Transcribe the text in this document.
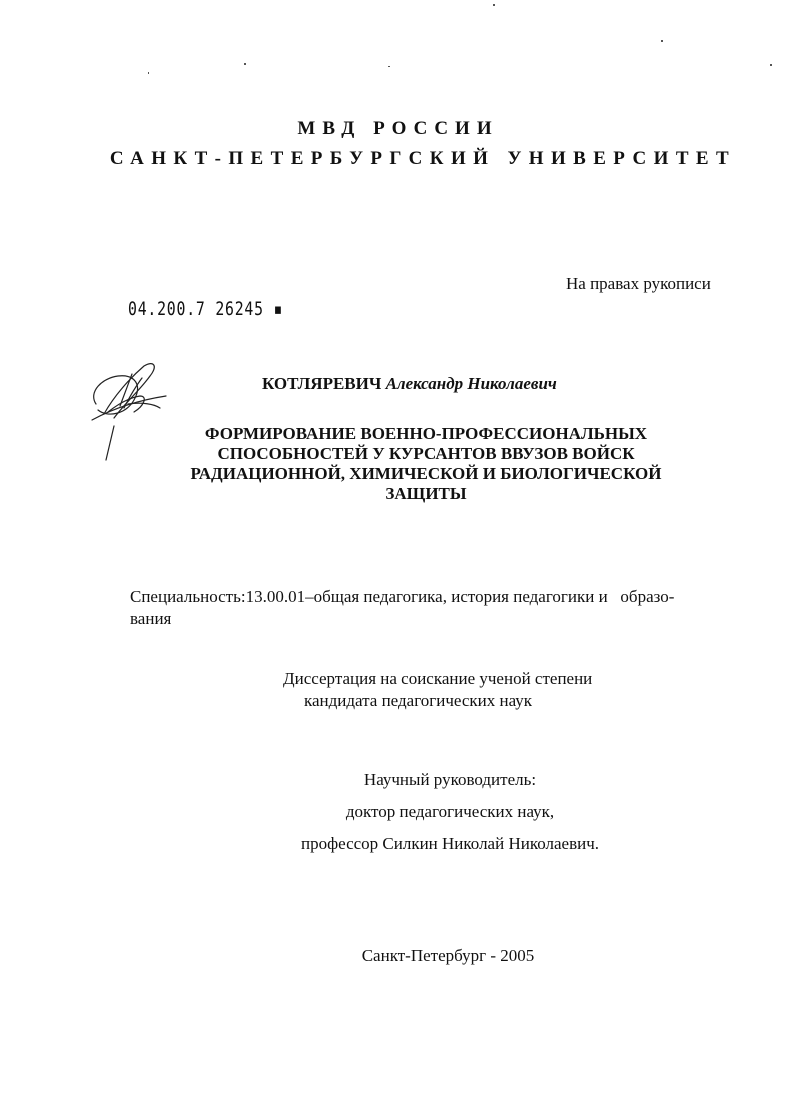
МВД РОССИИ
САНКТ-ПЕТЕРБУРГСКИЙ УНИВЕРСИТЕТ
На правах рукописи
04.200.7 26245 ▪
КОТЛЯРЕВИЧ Александр Николаевич
ФОРМИРОВАНИЕ ВОЕННО-ПРОФЕССИОНАЛЬНЫХ
СПОСОБНОСТЕЙ У КУРСАНТОВ ВВУЗОВ ВОЙСК
РАДИАЦИОННОЙ, ХИМИЧЕСКОЙ И БИОЛОГИЧЕСКОЙ
ЗАЩИТЫ
Специальность:13.00.01–общая педагогика, история педагогики и   образо-
вания
Диссертация на соискание ученой степени
кандидата педагогических наук
Научный руководитель:
доктор педагогических наук,
профессор Силкин Николай Николаевич.
Санкт-Петербург - 2005
